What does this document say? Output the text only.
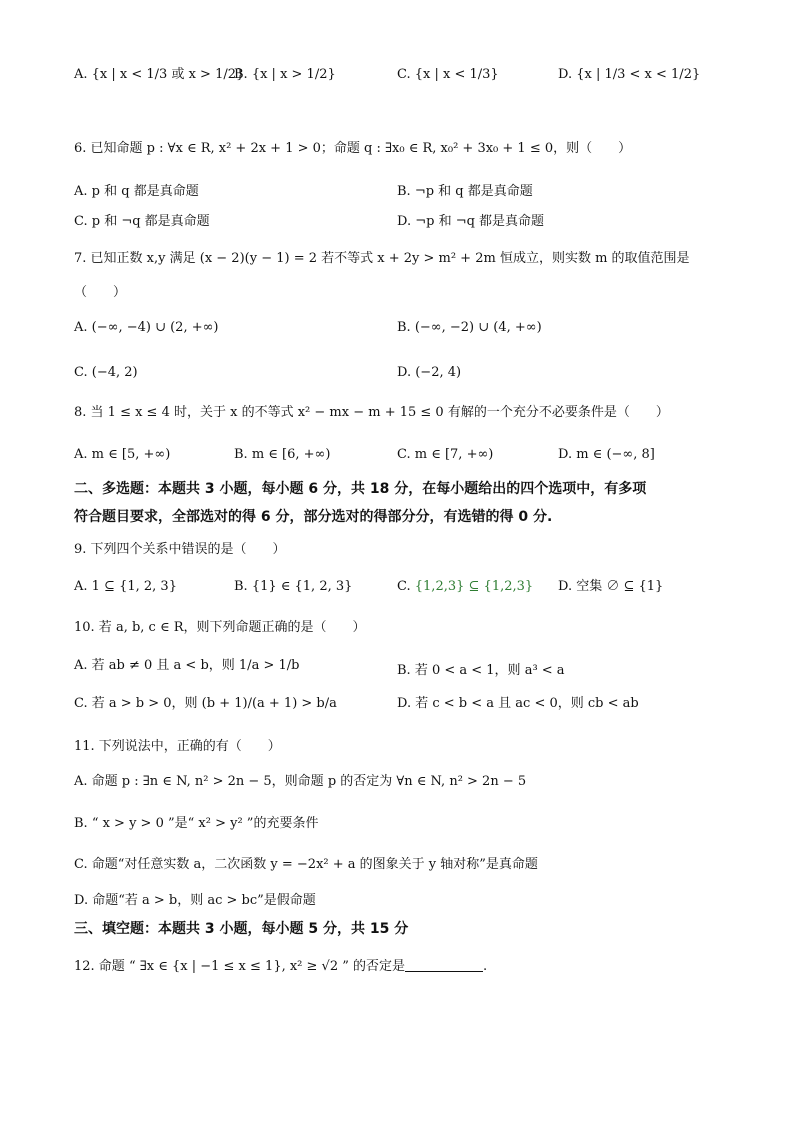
A. {x | x < 1/3 或 x > 1/2}
B. {x | x > 1/2}	C. {x | x < 1/3}	D. {x | 1/3 < x < 1/2}
6. 已知命题 p : ∀x ∈ R, x² + 2x + 1 > 0；命题 q : ∃x₀ ∈ R, x₀² + 3x₀ + 1 ≤ 0，则（　　）
A. p 和 q 都是真命题	B. ¬p 和 q 都是真命题
C. p 和 ¬q 都是真命题	D. ¬p 和 ¬q 都是真命题
7. 已知正数 x,y 满足 (x − 2)(y − 1) = 2 若不等式 x + 2y > m² + 2m 恒成立，则实数 m 的取值范围是
（　　）
A. (−∞, −4) ∪ (2, +∞)	B. (−∞, −2) ∪ (4, +∞)
C. (−4, 2)	D. (−2, 4)
8. 当 1 ≤ x ≤ 4 时，关于 x 的不等式 x² − mx − m + 15 ≤ 0 有解的一个充分不必要条件是（　　）
A. m ∈ [5, +∞)	B. m ∈ [6, +∞)	C. m ∈ [7, +∞)	D. m ∈ (−∞, 8]
二、多选题：本题共 3 小题，每小题 6 分，共 18 分，在每小题给出的四个选项中，有多项
符合题目要求，全部选对的得 6 分，部分选对的得部分分，有选错的得 0 分.
9. 下列四个关系中错误的是（　　）
A. 1 ⊆ {1, 2, 3}	B. {1} ∈ {1, 2, 3}	C. {1,2,3} ⊆ {1,2,3} D. 空集 ∅ ⊆ {1}
10. 若 a, b, c ∈ R，则下列命题正确的是（　　）
A. 若 ab ≠ 0 且 a < b，则 1/a > 1/b	B. 若 0 < a < 1，则 a³ < a
C. 若 a > b > 0，则 (b + 1)/(a + 1) > b/a	D. 若 c < b < a 且 ac < 0，则 cb < ab
11. 下列说法中，正确的有（　　）
A. 命题 p : ∃n ∈ N, n² > 2n − 5，则命题 p 的否定为 ∀n ∈ N, n² > 2n − 5
B. “ x > y > 0 ”是“ x² > y² ”的充要条件
C. 命题“对任意实数 a，二次函数 y = −2x² + a 的图象关于 y 轴对称”是真命题
D. 命题“若 a > b，则 ac > bc”是假命题
三、填空题：本题共 3 小题，每小题 5 分，共 15 分
12. 命题 “ ∃x ∈ {x | −1 ≤ x ≤ 1}, x² ≥ √2 ” 的否定是	.
